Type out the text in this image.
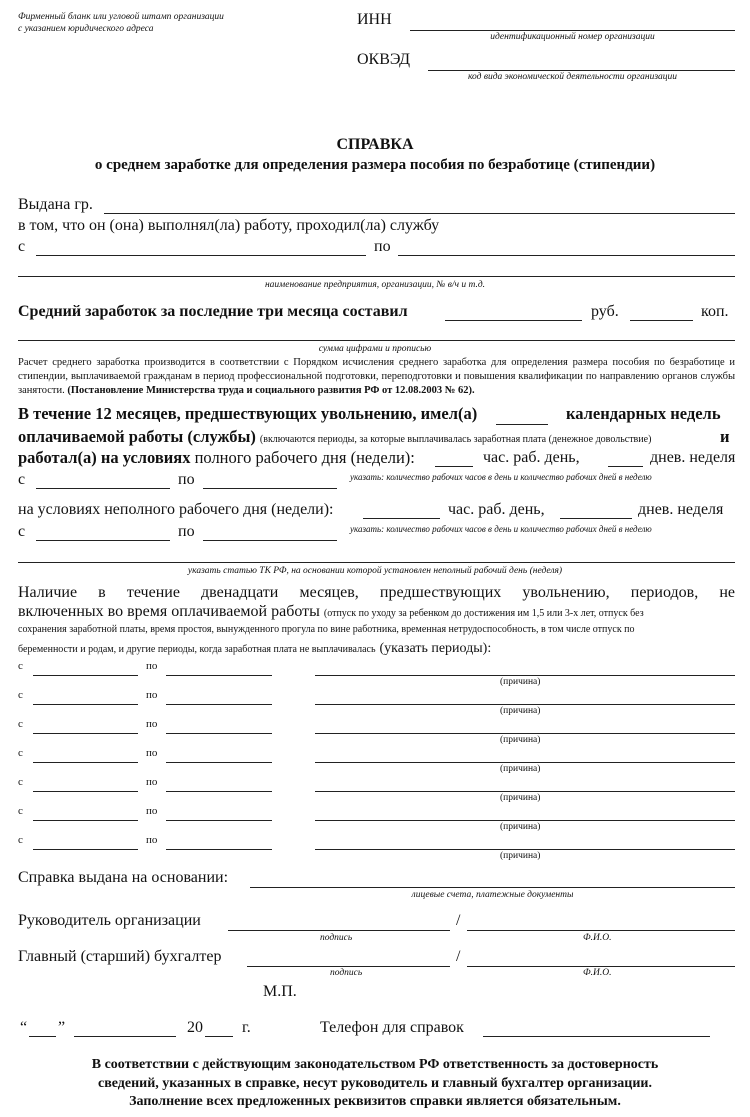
Фирменный бланк или угловой штамп организации
с указанием юридического адреса
ИНН
идентификационный номер организации
ОКВЭД
код вида экономической деятельности организации
СПРАВКА
о среднем заработке для определения размера пособия по безработице (стипендии)
Выдана гр.
в том, что он (она) выполнял(ла) работу, проходил(ла) службу
с	по
наименование предприятия, организации, № в/ч и т.д.
Средний заработок за последние три месяца составил	руб.	коп.
сумма цифрами и прописью
Расчет среднего заработка производится в соответствии с Порядком исчисления среднего заработка для определения размера пособия по безработице и стипендии, выплачиваемой гражданам в период профессиональной подготовки, переподготовки и повышения квалификации по направлению органов службы занятости. (Постановление Министерства труда и социального развития РФ от 12.08.2003 № 62).
В течение 12 месяцев, предшествующих увольнению, имел(а)	календарных недель
оплачиваемой работы (службы) (включаются периоды, за которые выплачивалась заработная плата (денежное довольствие)	и
работал(а) на условиях полного рабочего дня (недели):	час. раб. день,	днев. неделя
с	по	указать: количество рабочих часов в день и количество рабочих дней в неделю
на условиях неполного рабочего дня (недели):	час. раб. день,	днев. неделя
с	по	указать: количество рабочих часов в день и количество рабочих дней в неделю
указать статью ТК РФ, на основании которой установлен неполный рабочий день (неделя)
Наличие в течение двенадцати месяцев, предшествующих увольнению, периодов, не
включенных во время оплачиваемой работы (отпуск по уходу за ребенком до достижения им 1,5 или 3-х лет, отпуск без
сохранения заработной платы, время простоя, вынужденного прогула по вине работника, временная нетрудоспособность, в том числе отпуск по
беременности и родам, и другие периоды, когда заработная плата не выплачивалась (указать периоды):
с	по
(причина)
с	по
(причина)
с	по
(причина)
с	по
(причина)
с	по
(причина)
с	по
(причина)
с	по
(причина)
Справка выдана на основании:
лицевые счета, платежные документы
Руководитель организации	/
подпись	Ф.И.О.
Главный (старший) бухгалтер	/
подпись	Ф.И.О.
М.П.
“ ”	20 г.	Телефон для справок
В соответствии с действующим законодательством РФ ответственность за достоверность
сведений, указанных в справке, несут руководитель и главный бухгалтер организации.
Заполнение всех предложенных реквизитов справки является обязательным.
